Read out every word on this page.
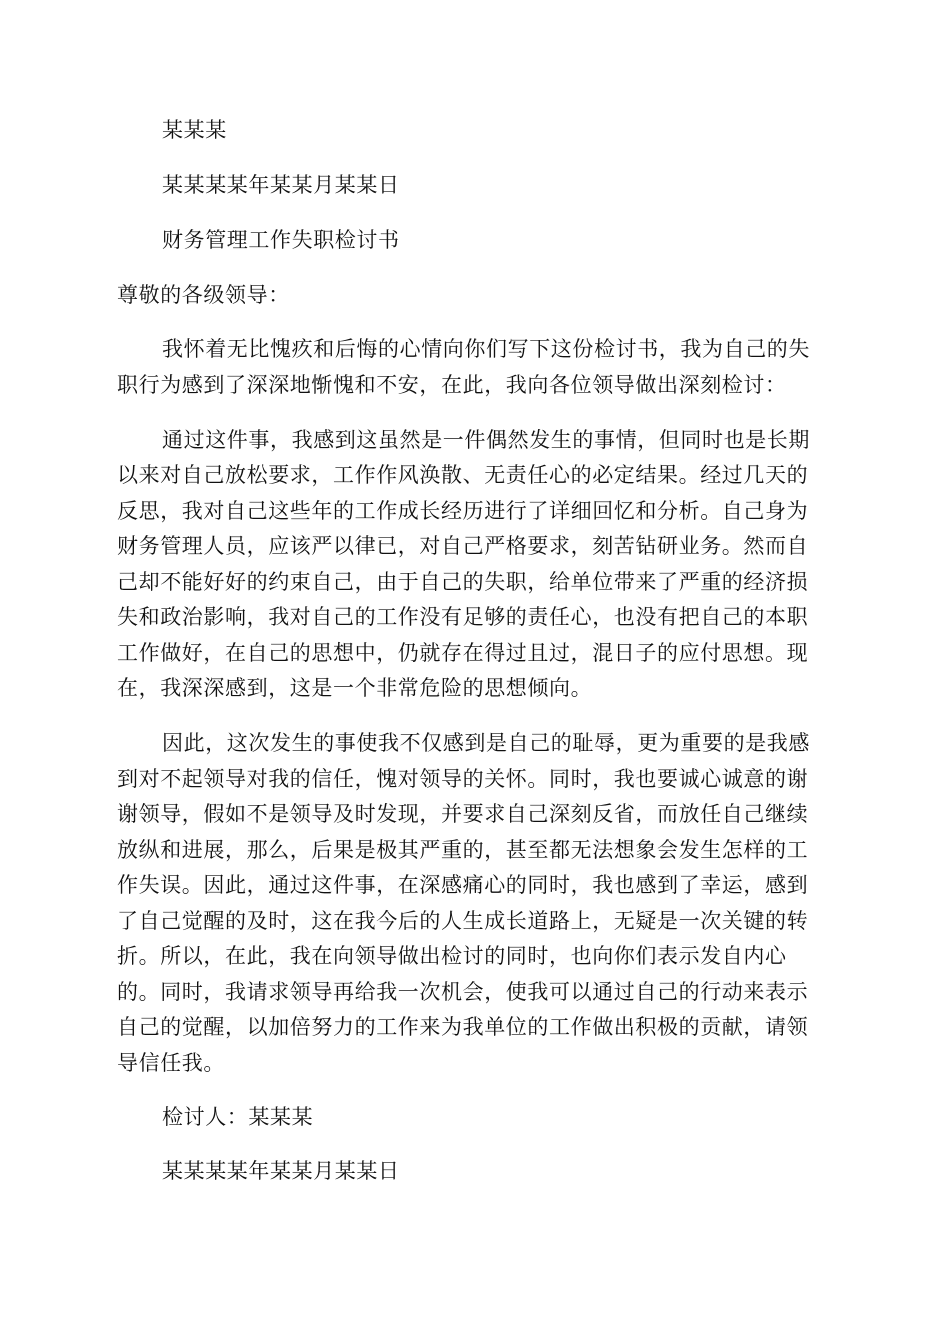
某某某
某某某某年某某月某某日
财务管理工作失职检讨书
尊敬的各级领导：
我怀着无比愧疚和后悔的心情向你们写下这份检讨书，我为自己的失
职行为感到了深深地惭愧和不安，在此，我向各位领导做出深刻检讨：
通过这件事，我感到这虽然是一件偶然发生的事情，但同时也是长期
以来对自己放松要求，工作作风涣散、无责任心的必定结果。经过几天的
反思，我对自己这些年的工作成长经历进行了详细回忆和分析。自己身为
财务管理人员，应该严以律已，对自己严格要求，刻苦钻研业务。然而自
己却不能好好的约束自己，由于自己的失职，给单位带来了严重的经济损
失和政治影响，我对自己的工作没有足够的责任心，也没有把自己的本职
工作做好，在自己的思想中，仍就存在得过且过，混日子的应付思想。现
在，我深深感到，这是一个非常危险的思想倾向。
因此，这次发生的事使我不仅感到是自己的耻辱，更为重要的是我感
到对不起领导对我的信任，愧对领导的关怀。同时，我也要诚心诚意的谢
谢领导，假如不是领导及时发现，并要求自己深刻反省，而放任自己继续
放纵和进展，那么，后果是极其严重的，甚至都无法想象会发生怎样的工
作失误。因此，通过这件事，在深感痛心的同时，我也感到了幸运，感到
了自己觉醒的及时，这在我今后的人生成长道路上，无疑是一次关键的转
折。所以，在此，我在向领导做出检讨的同时，也向你们表示发自内心
的。同时，我请求领导再给我一次机会，使我可以通过自己的行动来表示
自己的觉醒，以加倍努力的工作来为我单位的工作做出积极的贡献，请领
导信任我。
检讨人：某某某
某某某某年某某月某某日
